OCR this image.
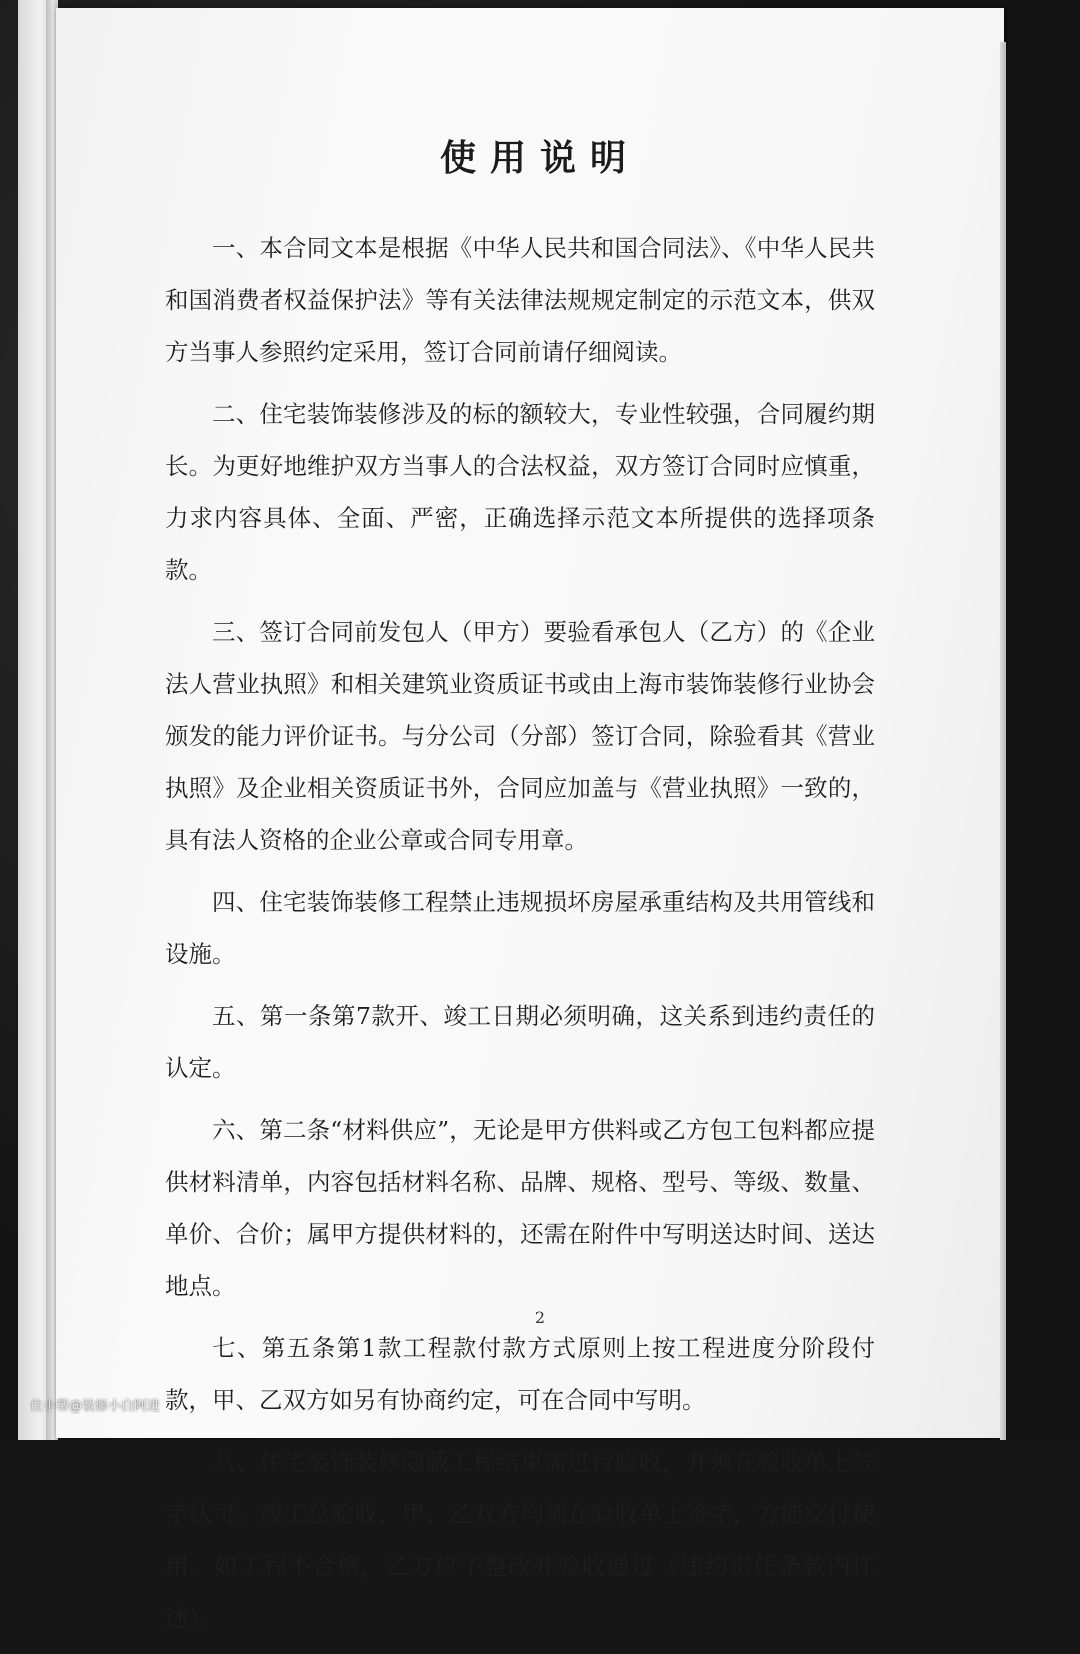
使用说明

一、本合同文本是根据《中华人民共和国合同法》、《中华人民共和国消费者权益保护法》等有关法律法规规定制定的示范文本，供双方当事人参照约定采用，签订合同前请仔细阅读。

二、住宅装饰装修涉及的标的额较大，专业性较强，合同履约期长。为更好地维护双方当事人的合法权益，双方签订合同时应慎重，力求内容具体、全面、严密，正确选择示范文本所提供的选择项条款。

三、签订合同前发包人（甲方）要验看承包人（乙方）的《企业法人营业执照》和相关建筑业资质证书或由上海市装饰装修行业协会颁发的能力评价证书。与分公司（分部）签订合同，除验看其《营业执照》及企业相关资质证书外，合同应加盖与《营业执照》一致的，具有法人资格的企业公章或合同专用章。

四、住宅装饰装修工程禁止违规损坏房屋承重结构及共用管线和设施。

五、第一条第7款开、竣工日期必须明确，这关系到违约责任的认定。

六、第二条“材料供应”，无论是甲方供料或乙方包工包料都应提供材料清单，内容包括材料名称、品牌、规格、型号、等级、数量、单价、合价；属甲方提供材料的，还需在附件中写明送达时间、送达地点。

七、第五条第1款工程款付款方式原则上按工程进度分阶段付款，甲、乙双方如另有协商约定，可在合同中写明。

八、住宅装饰装修隐蔽工程结束需进行验收，并须在验收单上签字认可。竣工总验收，甲、乙双方均须在验收单上签字，方能交付使用。如工程不合格，乙方应予整改并验收通过（违约责任条款内详述）。

2
住小帮@装修小白阿进
